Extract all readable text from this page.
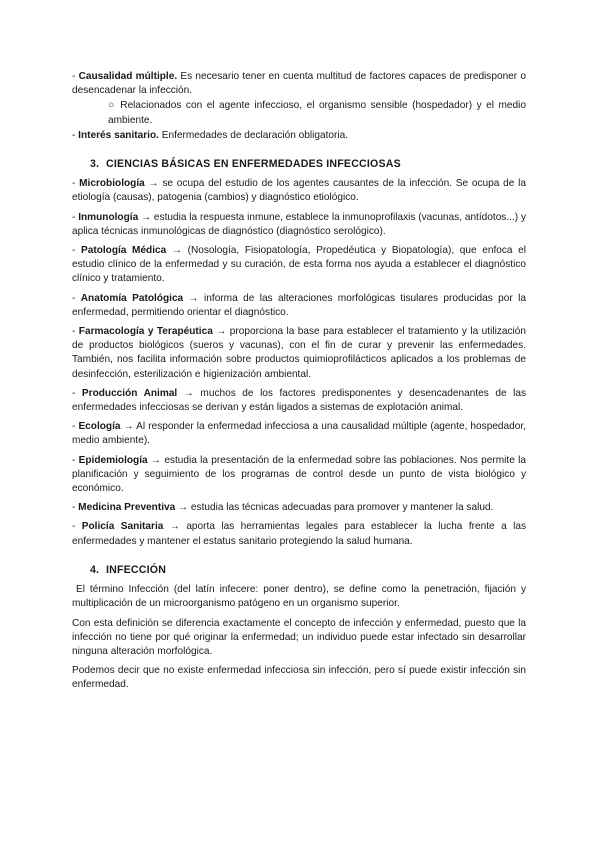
- Causalidad múltiple. Es necesario tener en cuenta multitud de factores capaces de predisponer o desencadenar la infección.

○ Relacionados con el agente infeccioso, el organismo sensible (hospedador) y el medio ambiente.

- Interés sanitario. Enfermedades de declaración obligatoria.

3. CIENCIAS BÁSICAS EN ENFERMEDADES INFECCIOSAS

- Microbiología → se ocupa del estudio de los agentes causantes de la infección. Se ocupa de la etiología (causas), patogenia (cambios) y diagnóstico etiológico.

- Inmunología → estudia la respuesta inmune, establece la inmunoprofilaxis (vacunas, antídotos...) y aplica técnicas inmunológicas de diagnóstico (diagnóstico serológico).

- Patología Médica → (Nosología, Fisiopatología, Propedéutica y Biopatología), que enfoca el estudio clínico de la enfermedad y su curación, de esta forma nos ayuda a establecer el diagnóstico clínico y tratamiento.

- Anatomía Patológica → informa de las alteraciones morfológicas tisulares producidas por la enfermedad, permitiendo orientar el diagnóstico.

- Farmacología y Terapéutica → proporciona la base para establecer el tratamiento y la utilización de productos biológicos (sueros y vacunas), con el fin de curar y prevenir las enfermedades. También, nos facilita información sobre productos quimioprofilácticos aplicados a los problemas de desinfección, esterilización e higienización ambiental.

- Producción Animal → muchos de los factores predisponentes y desencadenantes de las enfermedades infecciosas se derivan y están ligados a sistemas de explotación animal.

- Ecología → Al responder la enfermedad infecciosa a una causalidad múltiple (agente, hospedador, medio ambiente).

- Epidemiología → estudia la presentación de la enfermedad sobre las poblaciones. Nos permite la planificación y seguimiento de los programas de control desde un punto de vista biológico y económico.

- Medicina Preventiva → estudia las técnicas adecuadas para promover y mantener la salud.

- Policía Sanitaria → aporta las herramientas legales para establecer la lucha frente a las enfermedades y mantener el estatus sanitario protegiendo la salud humana.

4. INFECCIÓN

El término Infección (del latín infecere: poner dentro), se define como la penetración, fijación y multiplicación de un microorganismo patógeno en un organismo superior.

Con esta definición se diferencia exactamente el concepto de infección y enfermedad, puesto que la infección no tiene por qué originar la enfermedad; un individuo puede estar infectado sin desarrollar ninguna alteración morfológica.

Podemos decir que no existe enfermedad infecciosa sin infección, pero sí puede existir infección sin enfermedad.
